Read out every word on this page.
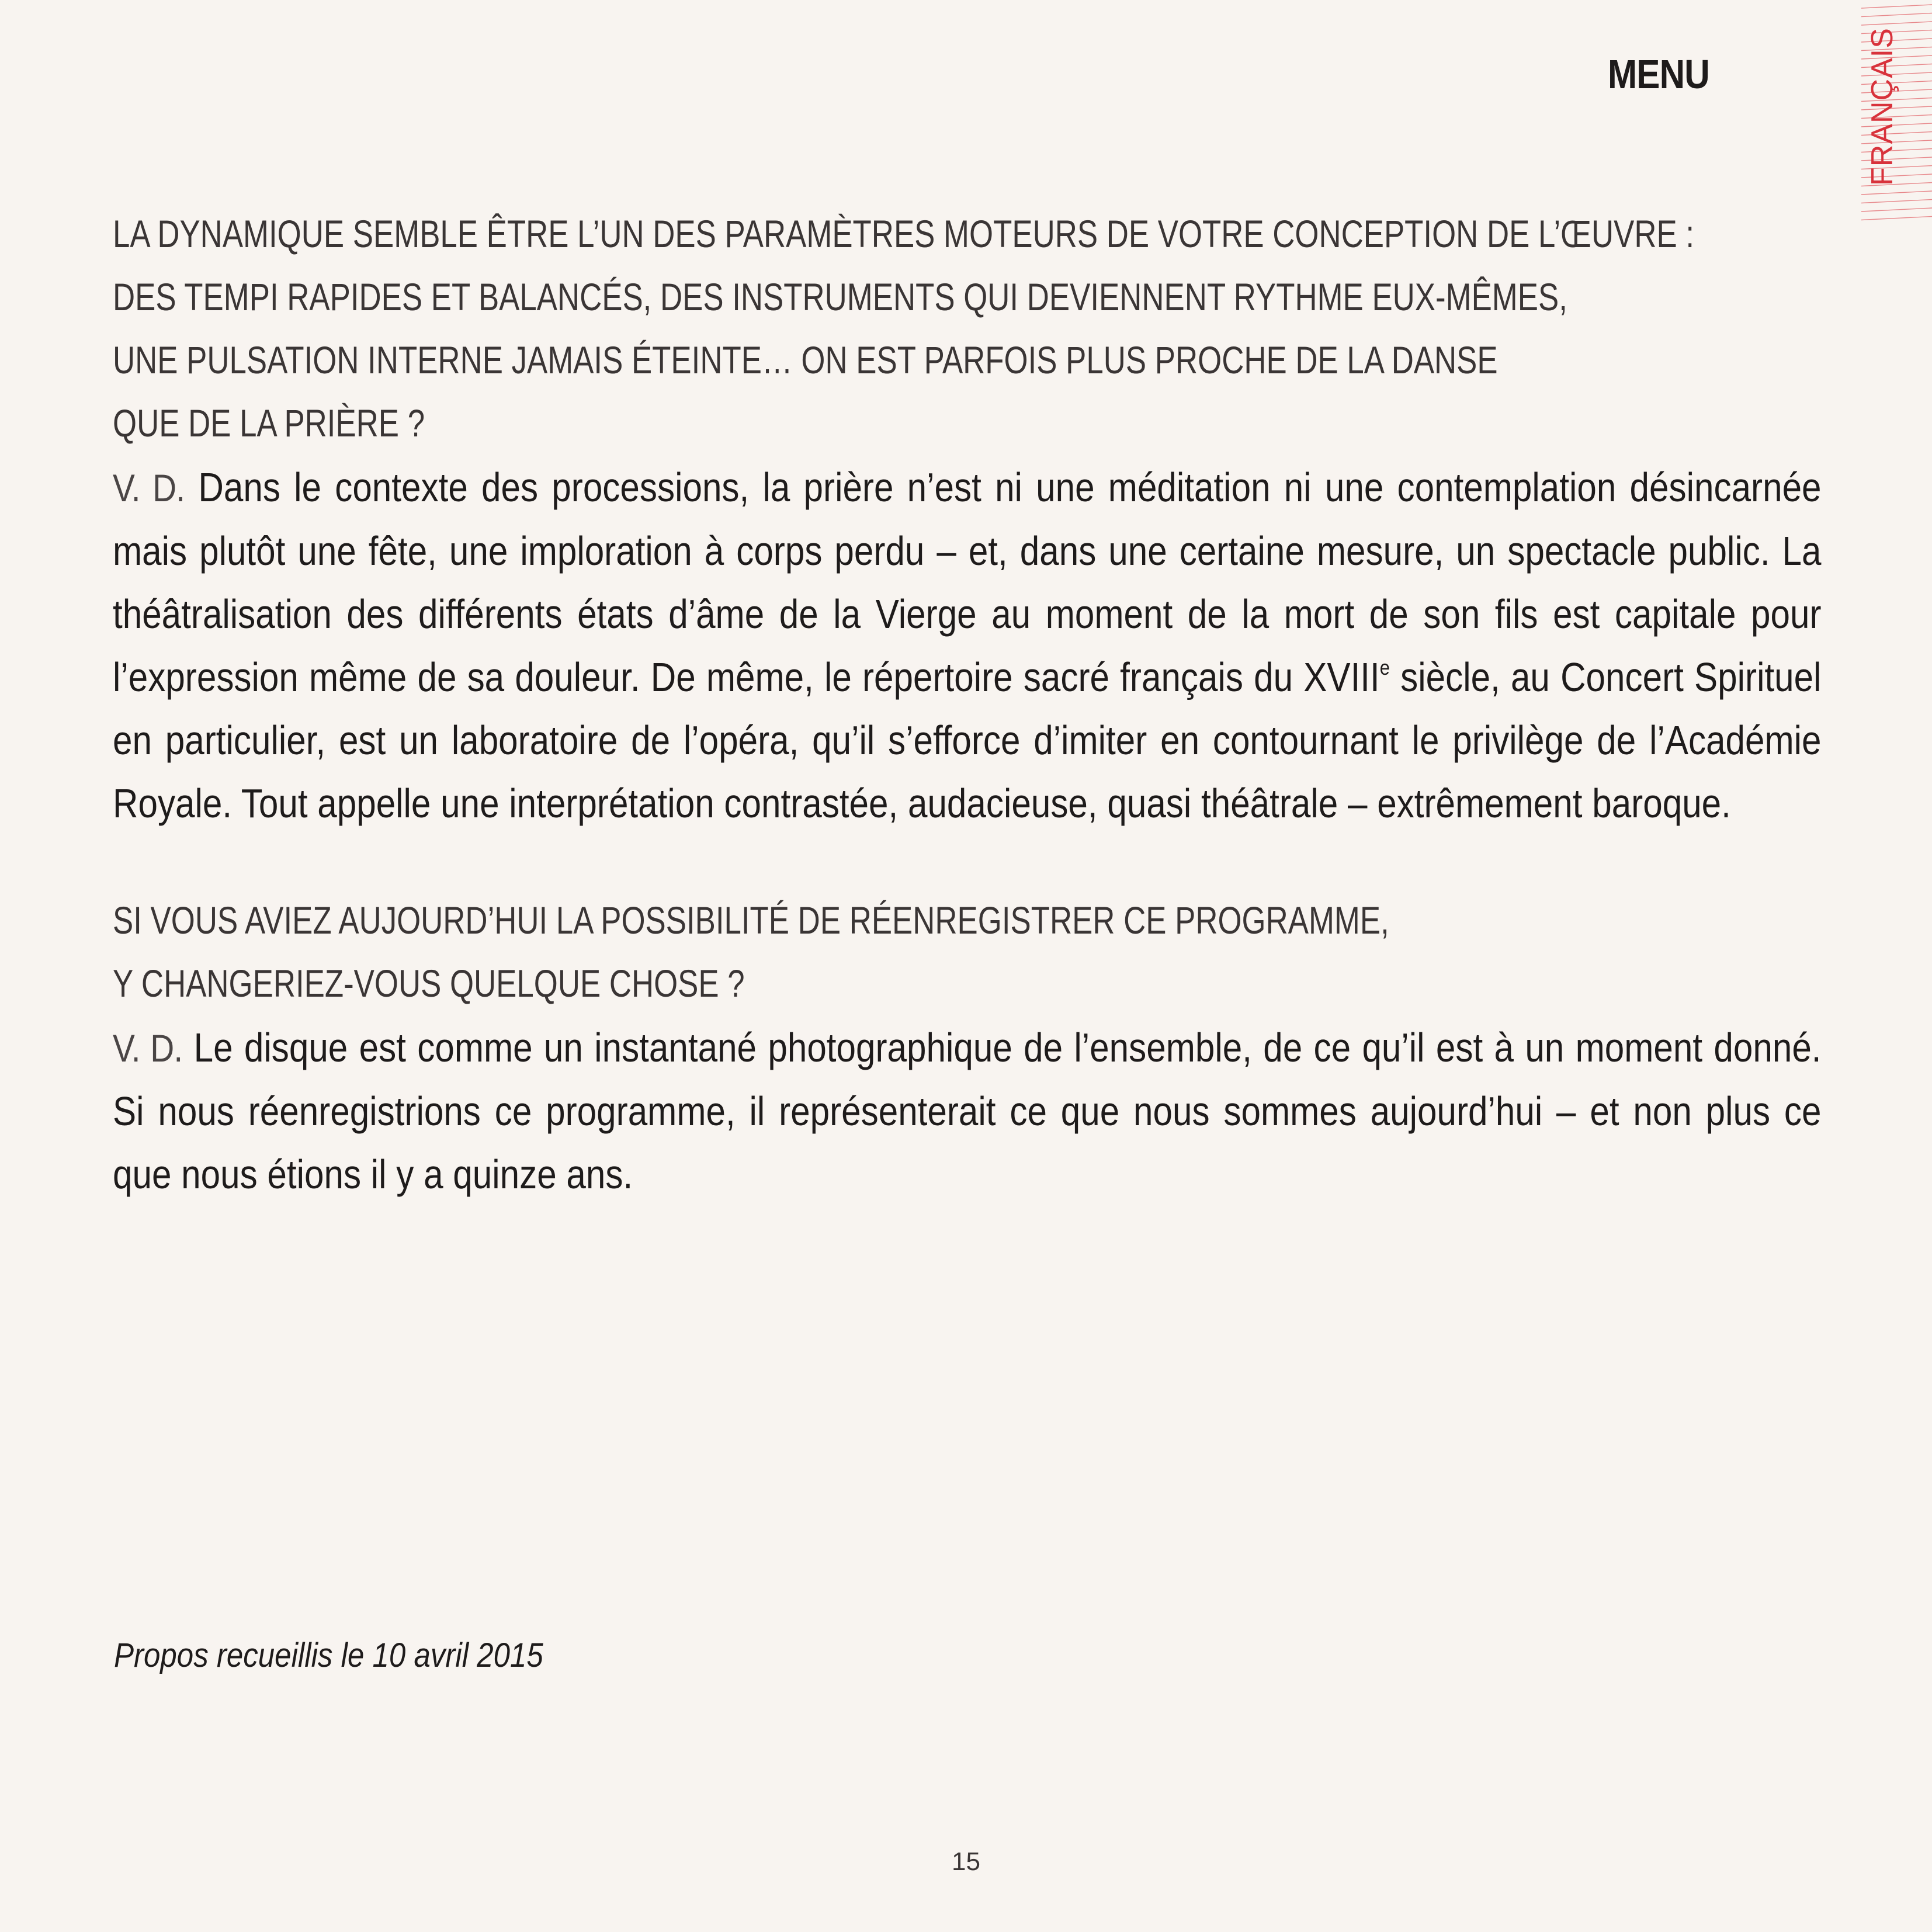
MENU	FRANÇAIS
LA DYNAMIQUE SEMBLE ÊTRE L’UN DES PARAMÈTRES MOTEURS DE VOTRE CONCEPTION DE L’ŒUVRE :
DES TEMPI RAPIDES ET BALANCÉS, DES INSTRUMENTS QUI DEVIENNENT RYTHME EUX-MÊMES,
UNE PULSATION INTERNE JAMAIS ÉTEINTE… ON EST PARFOIS PLUS PROCHE DE LA DANSE
QUE DE LA PRIÈRE ?

V. D. Dans le contexte des processions, la prière n’est ni une méditation ni une contemplation désincarnée mais plutôt une fête, une imploration à corps perdu – et, dans une certaine mesure, un spectacle public. La théâtralisation des différents états d’âme de la Vierge au moment de la mort de son fils est capitale pour l’expression même de sa douleur. De même, le répertoire sacré français du XVIIIe siècle, au Concert Spirituel en particulier, est un laboratoire de l’opéra, qu’il s’efforce d’imiter en contournant le privilège de l’Académie Royale. Tout appelle une interprétation contrastée, audacieuse, quasi théâtrale – extrêmement baroque.

SI VOUS AVIEZ AUJOURD’HUI LA POSSIBILITÉ DE RÉENREGISTRER CE PROGRAMME,
Y CHANGERIEZ-VOUS QUELQUE CHOSE ?

V. D. Le disque est comme un instantané photographique de l’ensemble, de ce qu’il est à un moment donné. Si nous réenregistrions ce programme, il représenterait ce que nous sommes aujourd’hui – et non plus ce que nous étions il y a quinze ans.

Propos recueillis le 10 avril 2015
15
